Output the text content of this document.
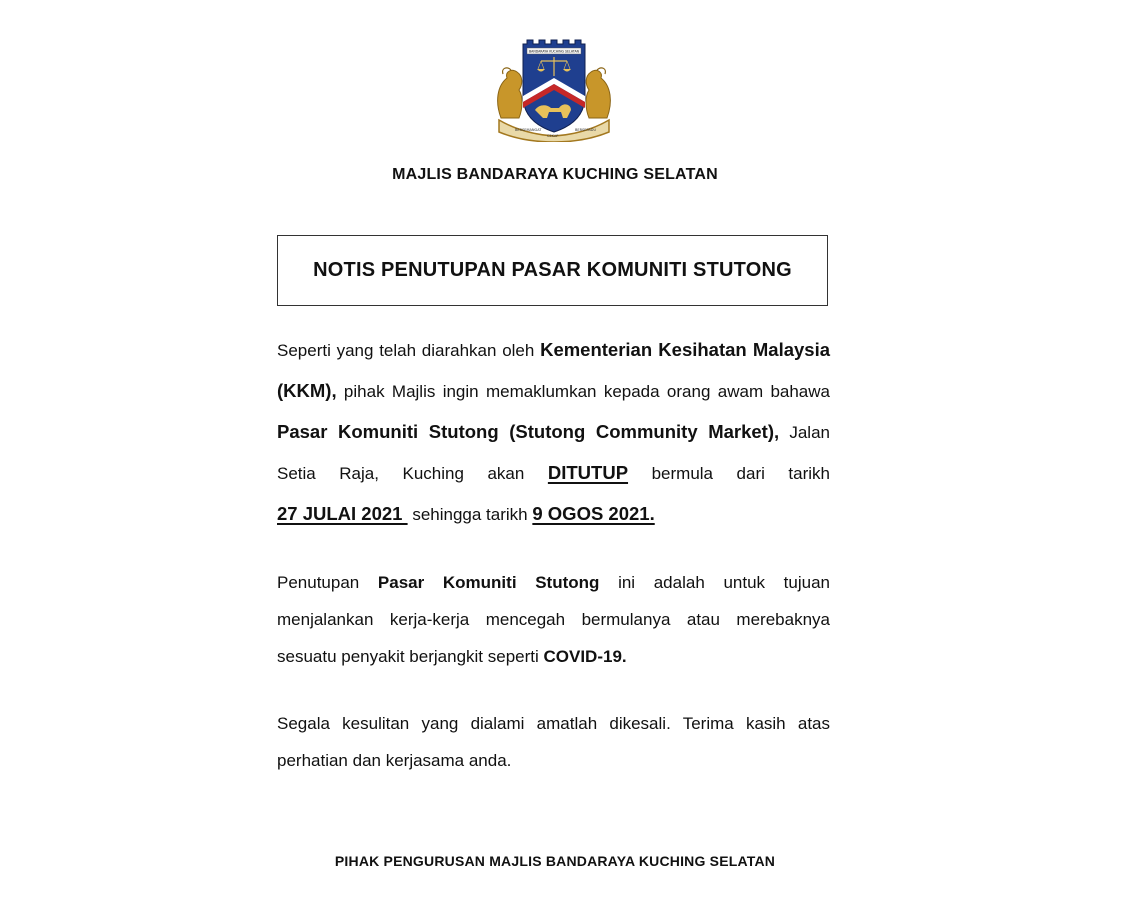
BERSEMANGAT
CEKAP
BERSEPADU
BANDARAYA KUCHING SELATAN
MAJLIS BANDARAYA KUCHING SELATAN
NOTIS PENUTUPAN PASAR KOMUNITI STUTONG

Seperti yang telah diarahkan oleh Kementerian Kesihatan Malaysia (KKM), pihak Majlis ingin memaklumkan kepada orang awam bahawa Pasar Komuniti Stutong (Stutong Community Market), Jalan Setia Raja, Kuching akan DITUTUP bermula dari tarikh 27 JULAI 2021  sehingga tarikh 9 OGOS 2021.

Penutupan Pasar Komuniti Stutong ini adalah untuk tujuan menjalankan kerja-kerja mencegah bermulanya atau merebaknya sesuatu penyakit berjangkit seperti COVID-19.

Segala kesulitan yang dialami amatlah dikesali. Terima kasih atas perhatian dan kerjasama anda.

PIHAK PENGURUSAN MAJLIS BANDARAYA KUCHING SELATAN
